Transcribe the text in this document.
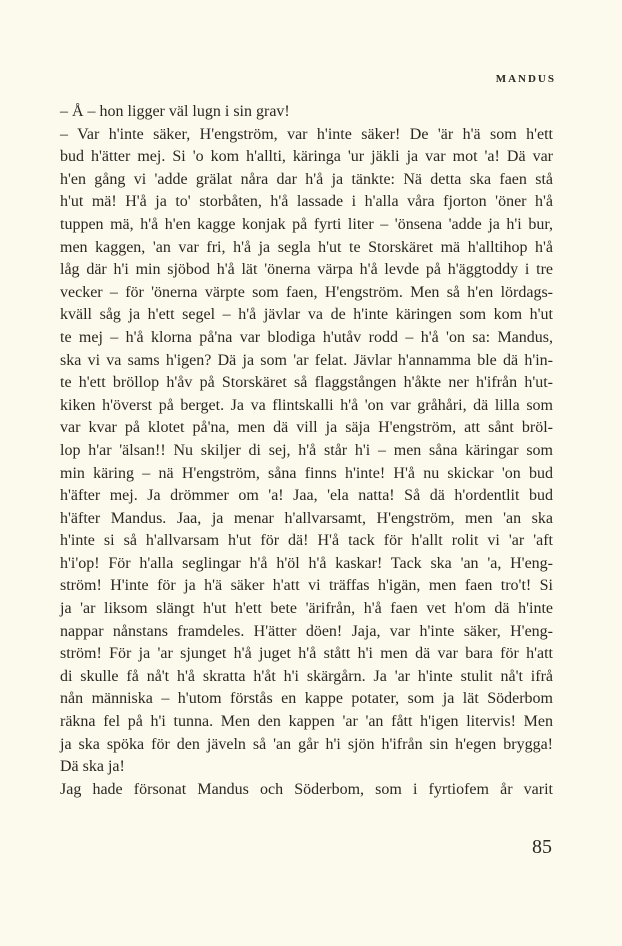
MANDUS
– Å – hon ligger väl lugn i sin grav!
– Var h'inte säker, H'engström, var h'inte säker! De 'är h'ä som h'ett
bud h'ätter mej. Si 'o kom h'allti, käringa 'ur jäkli ja var mot 'a! Dä var
h'en gång vi 'adde grälat nåra dar h'å ja tänkte: Nä detta ska faen stå
h'ut mä! H'å ja to' storbåten, h'å lassade i h'alla våra fjorton 'öner h'å
tuppen mä, h'å h'en kagge konjak på fyrti liter – 'önsena 'adde ja h'i bur,
men kaggen, 'an var fri, h'å ja segla h'ut te Storskäret mä h'alltihop h'å
låg där h'i min sjöbod h'å lät 'önerna värpa h'å levde på h'äggtoddy i tre
vecker – för 'önerna värpte som faen, H'engström. Men så h'en lördags-
kväll såg ja h'ett segel – h'å jävlar va de h'inte käringen som kom h'ut
te mej – h'å klorna på'na var blodiga h'utåv rodd – h'å 'on sa: Mandus,
ska vi va sams h'igen? Dä ja som 'ar felat. Jävlar h'annamma ble dä h'in-
te h'ett bröllop h'åv på Storskäret så flaggstången h'åkte ner h'ifrån h'ut-
kiken h'överst på berget. Ja va flintskalli h'å 'on var gråhåri, dä lilla som
var kvar på klotet på'na, men dä vill ja säja H'engström, att sånt bröl-
lop h'ar 'älsan!! Nu skiljer di sej, h'å står h'i – men såna käringar som
min käring – nä H'engström, såna finns h'inte! H'å nu skickar 'on bud
h'äfter mej. Ja drömmer om 'a! Jaa, 'ela natta! Så dä h'ordentlit bud
h'äfter Mandus. Jaa, ja menar h'allvarsamt, H'engström, men 'an ska
h'inte si så h'allvarsam h'ut för dä! H'å tack för h'allt rolit vi 'ar 'aft
h'i'op! För h'alla seglingar h'å h'öl h'å kaskar! Tack ska 'an 'a, H'eng-
ström! H'inte för ja h'ä säker h'att vi träffas h'igän, men faen tro't! Si
ja 'ar liksom slängt h'ut h'ett bete 'ärifrån, h'å faen vet h'om dä h'inte
nappar nånstans framdeles. H'ätter döen! Jaja, var h'inte säker, H'eng-
ström! För ja 'ar sjunget h'å juget h'å stått h'i men dä var bara för h'att
di skulle få nå't h'å skratta h'åt h'i skärgårn. Ja 'ar h'inte stulit nå't ifrå
nån människa – h'utom förstås en kappe potater, som ja lät Söderbom
räkna fel på h'i tunna. Men den kappen 'ar 'an fått h'igen litervis! Men
ja ska spöka för den jäveln så 'an går h'i sjön h'ifrån sin h'egen brygga!
Dä ska ja!
Jag hade försonat Mandus och Söderbom, som i fyrtiofem år varit
85
